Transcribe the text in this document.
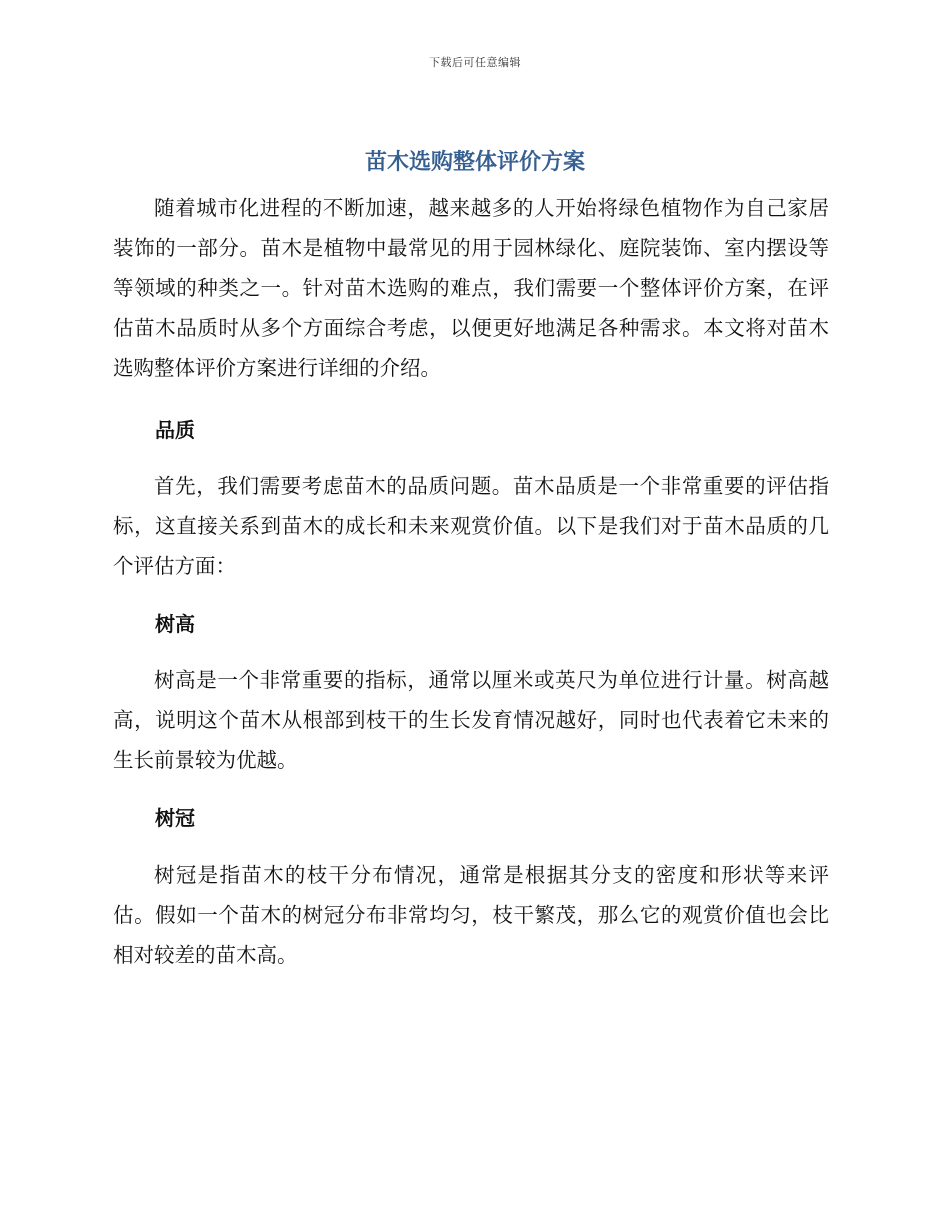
下载后可任意编辑
苗木选购整体评价方案

随着城市化进程的不断加速，越来越多的人开始将绿色植物作为自己家居装饰的一部分。苗木是植物中最常见的用于园林绿化、庭院装饰、室内摆设等等领域的种类之一。针对苗木选购的难点，我们需要一个整体评价方案，在评估苗木品质时从多个方面综合考虑，以便更好地满足各种需求。本文将对苗木选购整体评价方案进行详细的介绍。

品质

首先，我们需要考虑苗木的品质问题。苗木品质是一个非常重要的评估指标，这直接关系到苗木的成长和未来观赏价值。以下是我们对于苗木品质的几个评估方面：

树高

树高是一个非常重要的指标，通常以厘米或英尺为单位进行计量。树高越高，说明这个苗木从根部到枝干的生长发育情况越好，同时也代表着它未来的生长前景较为优越。

树冠

树冠是指苗木的枝干分布情况，通常是根据其分支的密度和形状等来评估。假如一个苗木的树冠分布非常均匀，枝干繁茂，那么它的观赏价值也会比相对较差的苗木高。
